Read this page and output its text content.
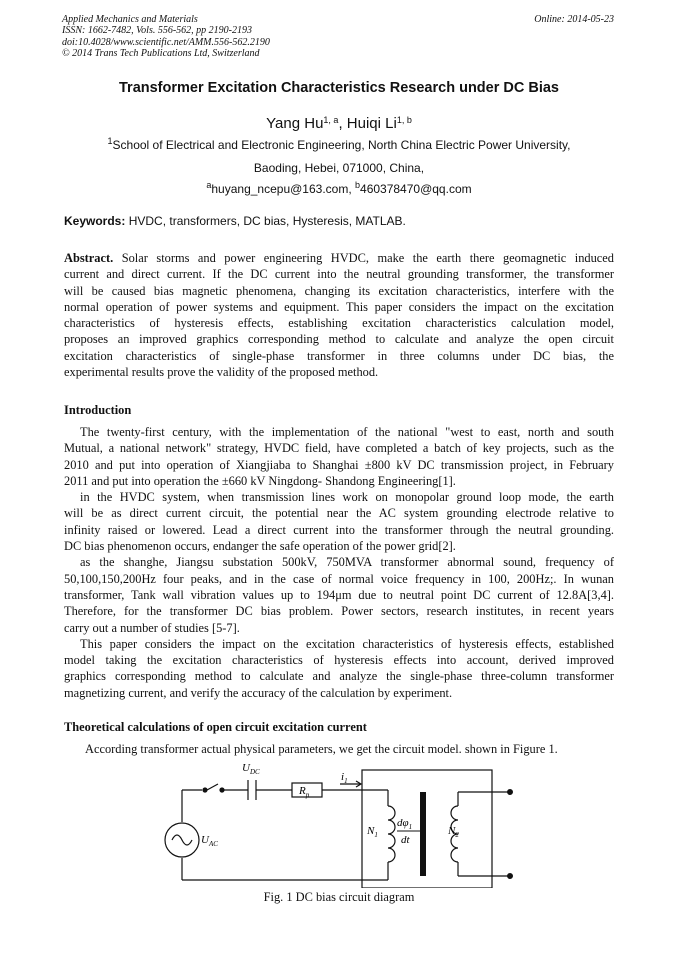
Applied Mechanics and Materials
ISSN: 1662-7482, Vols. 556-562, pp 2190-2193
doi:10.4028/www.scientific.net/AMM.556-562.2190
© 2014 Trans Tech Publications Ltd, Switzerland
Online: 2014-05-23
Transformer Excitation Characteristics Research under DC Bias
Yang Hu$^{1, a}$, Huiqi Li$^{1, b}$
$^1$School of Electrical and Electronic Engineering, North China Electric Power University,
Baoding, Hebei, 071000, China,
$^a$huyang_ncepu@163.com, $^b$460378470@qq.com
Keywords: HVDC, transformers, DC bias, Hysteresis, MATLAB.
Abstract. Solar storms and power engineering HVDC, make the earth there geomagnetic induced
current and direct current. If the DC current into the neutral grounding transformer, the transformer
will be caused bias magnetic phenomena, changing its excitation characteristics, interfere with the
normal operation of power systems and equipment. This paper considers the impact on the excitation
characteristics of hysteresis effects, establishing excitation characteristics calculation model,
proposes an improved graphics corresponding method to calculate and analyze the open circuit
excitation characteristics of single-phase transformer in three columns under DC bias, the
experimental results prove the validity of the proposed method.
Introduction
The twenty-first century, with the implementation of the national "west to east, north and south
Mutual, a national network" strategy, HVDC field, have completed a batch of key projects, such as the
2010 and put into operation of Xiangjiaba to Shanghai ±800 kV DC transmission project, in February
2011 and put into operation the ±660 kV Ningdong- Shandong Engineering[1].
in the HVDC system, when transmission lines work on monopolar ground loop mode, the earth
will be as direct current circuit, the potential near the AC system grounding electrode relative to
infinity raised or lowered. Lead a direct current into the transformer through the neutral grounding.
DC bias phenomenon occurs, endanger the safe operation of the power grid[2].
as the shanghe, Jiangsu substation 500kV, 750MVA transformer abnormal sound, frequency of
50,100,150,200Hz four peaks, and in the case of normal voice frequency in 100, 200Hz;. In wunan
transformer, Tank wall vibration values up to 194μm due to neutral point DC current of 12.8A[3,4].
Therefore, for the transformer DC bias problem. Power sectors, research institutes, in recent years
carry out a number of studies [5-7].
This paper considers the impact on the excitation characteristics of hysteresis effects, established
model taking the excitation characteristics of hysteresis effects into account, derived improved
graphics corresponding method to calculate and analyze the single-phase three-column transformer
magnetizing current, and verify the accuracy of the calculation by experiment.
Theoretical calculations of open circuit excitation current
According transformer actual physical parameters, we get the circuit model. shown in Figure 1.
$U_{DC}$
$U_{AC}$
$R_p$
$i_1$
$N_1$
$d\varphi_1$
dt
$N_2$
Fig. 1 DC bias circuit diagram
